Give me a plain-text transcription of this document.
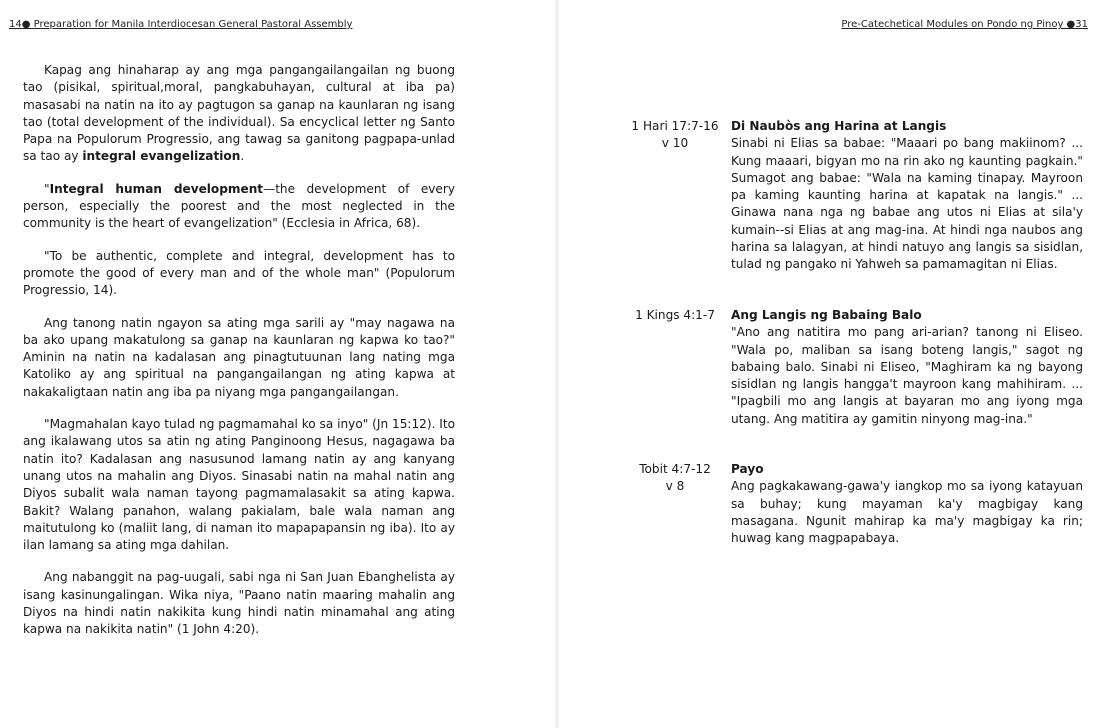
14● Preparation for Manila Interdiocesan General Pastoral Assembly

Kapag ang hinaharap ay ang mga pangangailangailan ng buong tao (pisikal, spiritual,moral, pangkabuhayan, cultural at iba pa) masasabi na natin na ito ay pagtugon sa ganap na kaunlaran ng isang tao (total development of the individual). Sa encyclical letter ng Santo Papa na Populorum Progressio, ang tawag sa ganitong pagpapa-unlad sa tao ay integral evangelization.

"Integral human development—the development of every person, especially the poorest and the most neglected in the community is the heart of evangelization" (Ecclesia in Africa, 68).

"To be authentic, complete and integral, development has to promote the good of every man and of the whole man" (Populorum Progressio, 14).

Ang tanong natin ngayon sa ating mga sarili ay "may nagawa na ba ako upang makatulong sa ganap na kaunlaran ng kapwa ko tao?" Aminin na natin na kadalasan ang pinagtutuunan lang nating mga Katoliko ay ang spiritual na pangangailangan ng ating kapwa at nakakaligtaan natin ang iba pa niyang mga pangangailangan.

"Magmahalan kayo tulad ng pagmamahal ko sa inyo" (Jn 15:12). Ito ang ikalawang utos sa atin ng ating Panginoong Hesus, nagagawa ba natin ito? Kadalasan ang nasusunod lamang natin ay ang kanyang unang utos na mahalin ang Diyos. Sinasabi natin na mahal natin ang Diyos subalit wala naman tayong pagmamalasakit sa ating kapwa. Bakit? Walang panahon, walang pakialam, bale wala naman ang maitutulong ko (maliit lang, di naman ito mapapapansin ng iba). Ito ay ilan lamang sa ating mga dahilan.

Ang nabanggit na pag-uugali, sabi nga ni San Juan Ebanghelista ay isang kasinungalingan. Wika niya, "Paano natin maaring mahalin ang Diyos na hindi natin nakikita kung hindi natin minamahal ang ating kapwa na nakikita natin" (1 John 4:20).

Pre-Catechetical Modules on Pondo ng Pinoy ●31
1 Hari 17:7-16
v 10
Di Naubòs ang Harina at Langis
Sinabi ni Elias sa babae: "Maaari po bang makiinom? ... Kung maaari, bigyan mo na rin ako ng kaunting pagkain." Sumagot ang babae: "Wala na kaming tinapay. Mayroon pa kaming kaunting harina at kapatak na langis." ... Ginawa nana nga ng babae ang utos ni Elias at sila'y kumain--si Elias at ang mag-ina. At hindi nga naubos ang harina sa lalagyan, at hindi natuyo ang langis sa sisidlan, tulad ng pangako ni Yahweh sa pamamagitan ni Elias.
1 Kings 4:1-7	Ang Langis ng Babaing Balo
"Ano ang natitira mo pang ari-arian? tanong ni Eliseo. "Wala po, maliban sa isang boteng langis," sagot ng babaing balo. Sinabi ni Eliseo, "Maghiram ka ng bayong sisidlan ng langis hangga't mayroon kang mahihiram. ... "Ipagbili mo ang langis at bayaran mo ang iyong mga utang. Ang matitira ay gamitin ninyong mag-ina."
Tobit 4:7-12
v 8
Payo
Ang pagkakawang-gawa'y iangkop mo sa iyong katayuan sa buhay; kung mayaman ka'y magbigay kang masagana. Ngunit mahirap ka ma'y magbigay ka rin; huwag kang magpapabaya.
